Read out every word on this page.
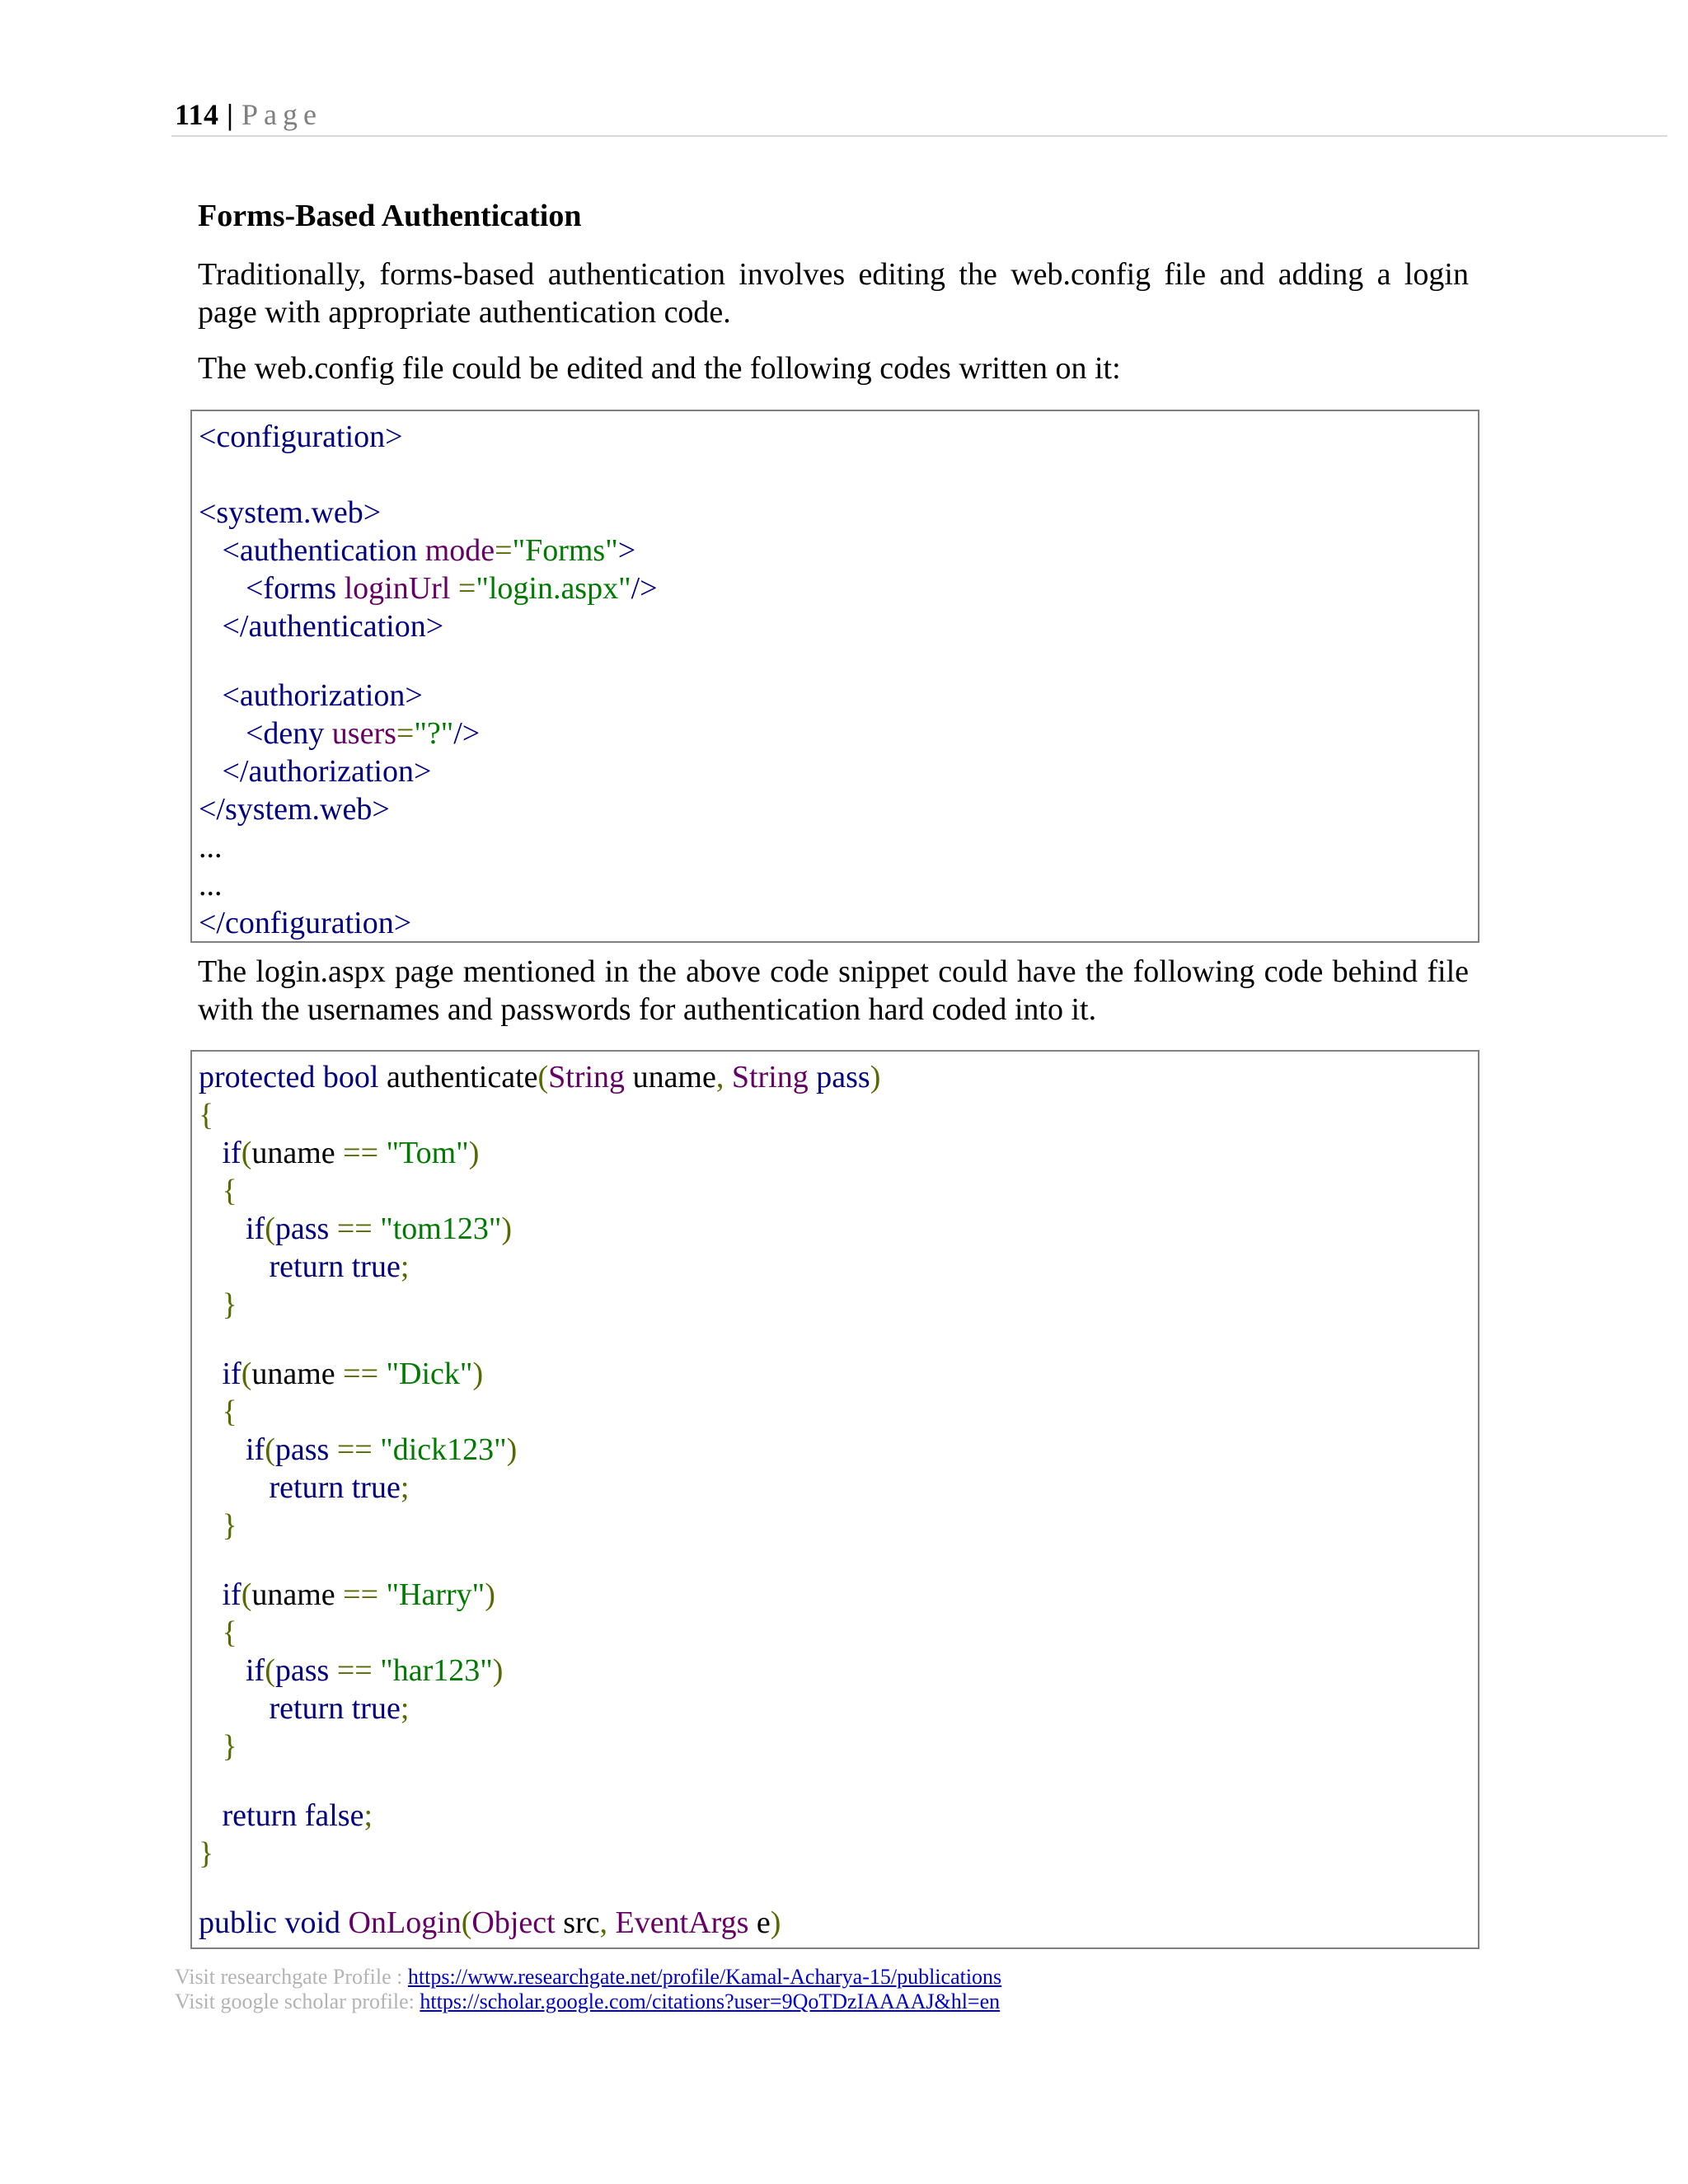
114 | Page
Forms-Based Authentication
Traditionally, forms-based authentication involves editing the web.config file and adding a login page with appropriate authentication code.
The web.config file could be edited and the following codes written on it:
<configuration>
<system.web>
<authentication mode="Forms">
<forms loginUrl ="login.aspx"/>
</authentication>
<authorization>
<deny users="?"/>
</authorization>
</system.web>
...
...
</configuration>
The login.aspx page mentioned in the above code snippet could have the following code behind file with the usernames and passwords for authentication hard coded into it.
protected bool authenticate(String uname, String pass)
{
if(uname == "Tom")
{
if(pass == "tom123")
return true;
}
if(uname == "Dick")
{
if(pass == "dick123")
return true;
}
if(uname == "Harry")
{
if(pass == "har123")
return true;
}
return false;
}
public void OnLogin(Object src, EventArgs e)
Visit researchgate Profile : https://www.researchgate.net/profile/Kamal-Acharya-15/publications
Visit google scholar profile: https://scholar.google.com/citations?user=9QoTDzIAAAAJ&hl=en
